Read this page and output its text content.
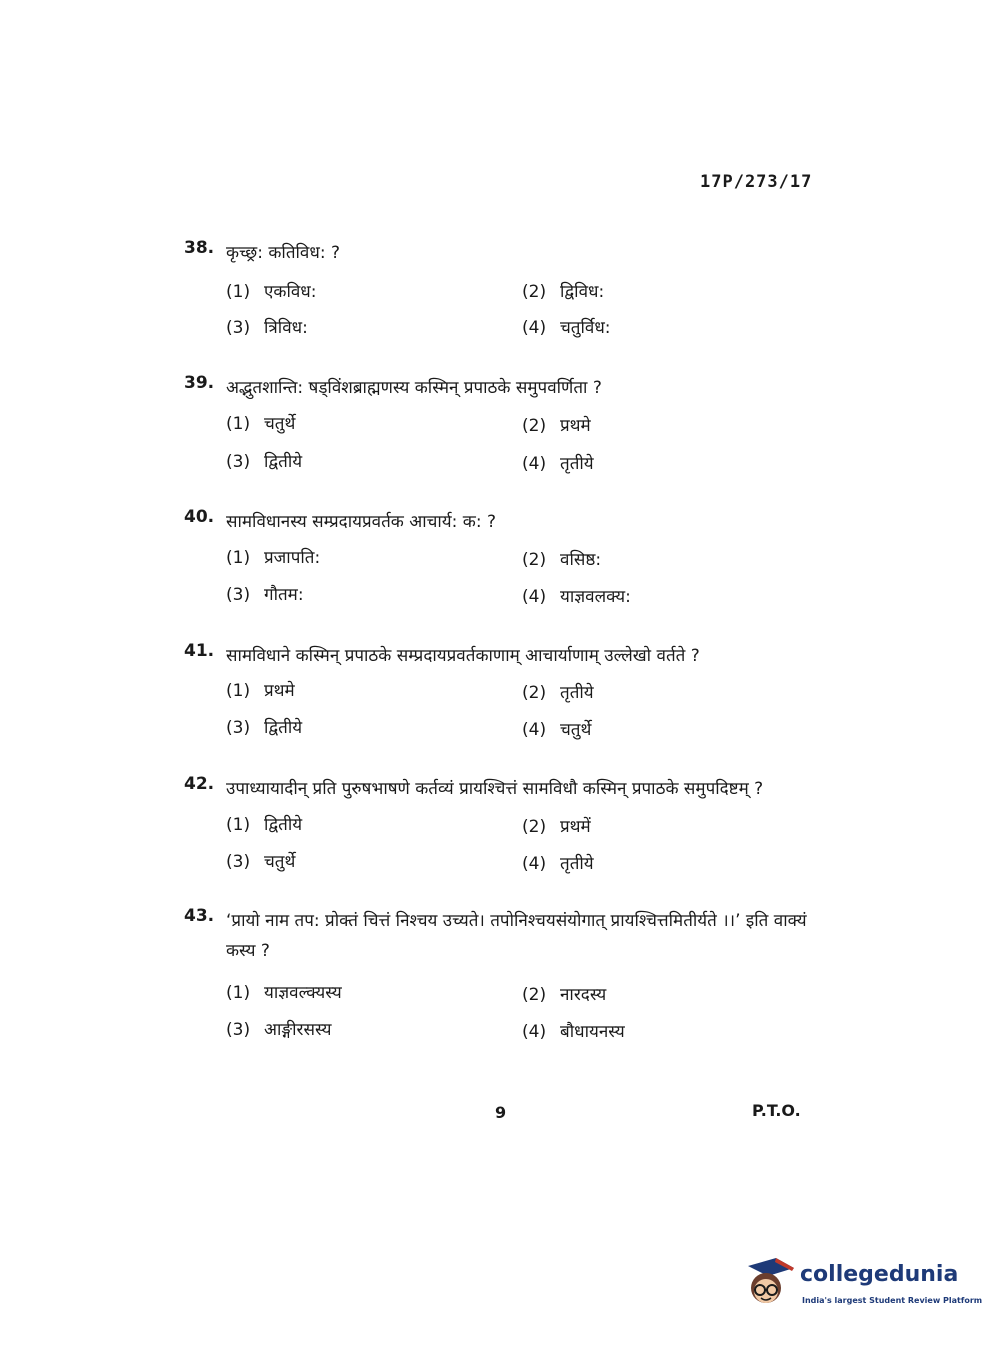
17P/273/17
38. कृच्छ्र: कतिविध: ?
(1) एकविध:	(2) द्विविध:
(3) त्रिविध:	(4) चतुर्विध:
39. अद्भुतशान्ति: षड्विंशब्राह्मणस्य कस्मिन् प्रपाठके समुपवर्णिता ?
(1) चतुर्थे	(2) प्रथमे
(3) द्वितीये	(4) तृतीये
40. सामविधानस्य सम्प्रदायप्रवर्तक आचार्य: क: ?
(1) प्रजापति:	(2) वसिष्ठ:
(3) गौतम:	(4) याज्ञवलक्य:
41. सामविधाने कस्मिन् प्रपाठके सम्प्रदायप्रवर्तकाणाम् आचार्याणाम् उल्लेखो वर्तते ?
(1) प्रथमे	(2) तृतीये
(3) द्वितीये	(4) चतुर्थे
42. उपाध्यायादीन् प्रति पुरुषभाषणे कर्तव्यं प्रायश्चित्तं सामविधौ कस्मिन् प्रपाठके समुपदिष्टम् ?
(1) द्वितीये	(2) प्रथमें
(3) चतुर्थे	(4) तृतीये
43. ‘प्रायो नाम तप: प्रोक्तं चित्तं निश्चय उच्यते। तपोनिश्चयसंयोगात् प्रायश्चित्तमितीर्यते ।।’ इति वाक्यं कस्य ?
(1) याज्ञवल्क्यस्य	(2) नारदस्य
(3) आङ्गीरसस्य	(4) बौधायनस्य
9	P.T.O.
collegedunia
India's largest Student Review Platform
